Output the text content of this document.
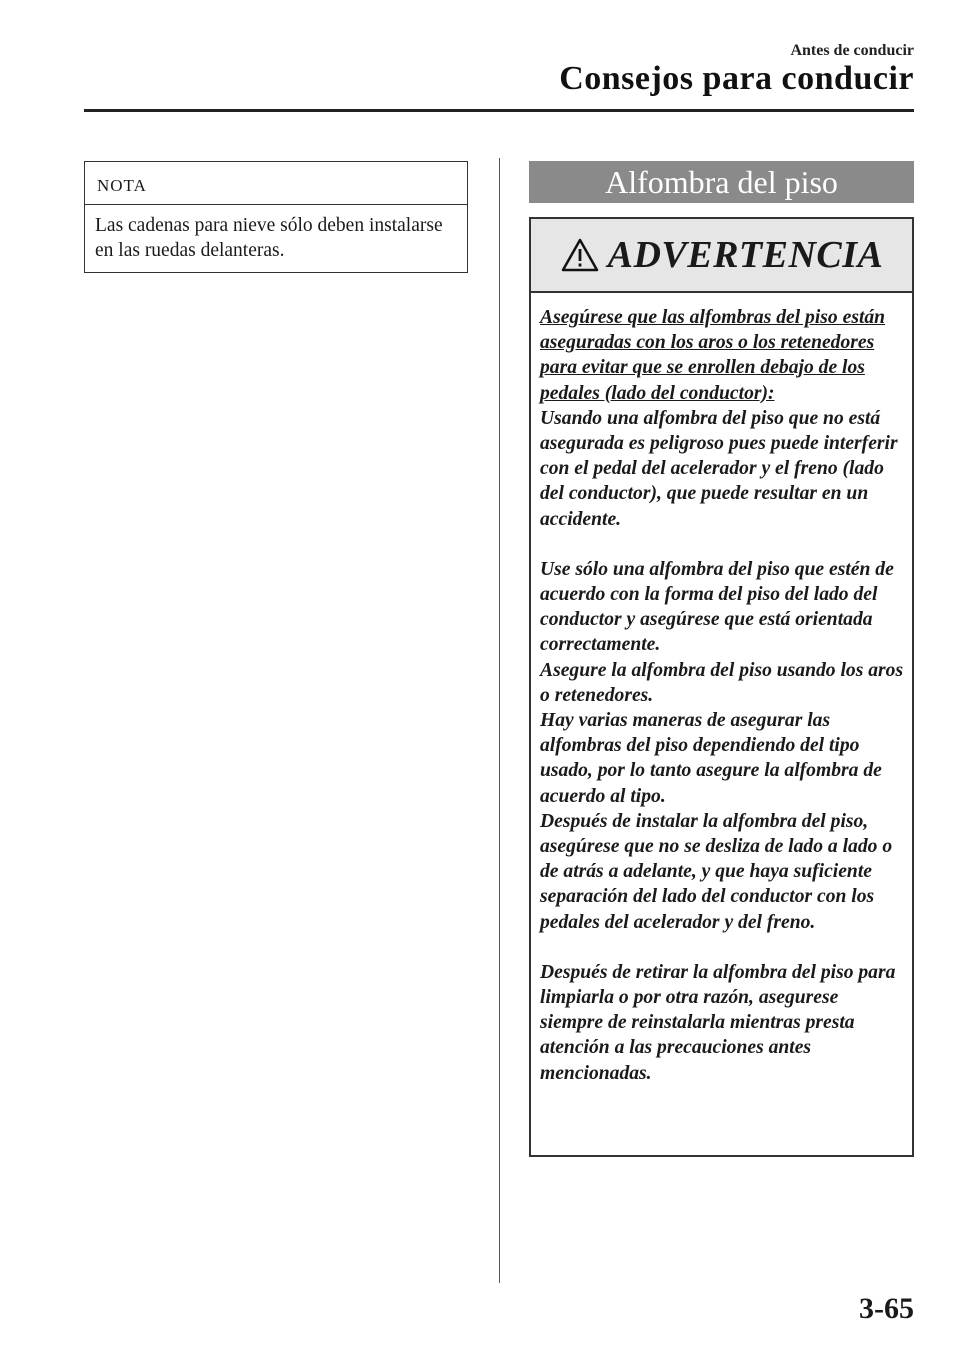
Antes de conducir
Consejos para conducir
NOTA
Las cadenas para nieve sólo deben instalarse en las ruedas delanteras.
Alfombra del piso
ADVERTENCIA

Asegúrese que las alfombras del piso están aseguradas con los aros o los retenedores para evitar que se enrollen debajo de los pedales (lado del conductor):

Usando una alfombra del piso que no está asegurada es peligroso pues puede interferir con el pedal del acelerador y el freno (lado del conductor), que puede resultar en un accidente.

Use sólo una alfombra del piso que estén de acuerdo con la forma del piso del lado del conductor y asegúrese que está orientada correctamente.

Asegure la alfombra del piso usando los aros o retenedores.

Hay varias maneras de asegurar las alfombras del piso dependiendo del tipo usado, por lo tanto asegure la alfombra de acuerdo al tipo.

Después de instalar la alfombra del piso, asegúrese que no se desliza de lado a lado o de atrás a adelante, y que haya suficiente separación del lado del conductor con los pedales del acelerador y del freno.

Después de retirar la alfombra del piso para limpiarla o por otra razón, asegurese siempre de reinstalarla mientras presta atención a las precauciones antes mencionadas.

3-65
